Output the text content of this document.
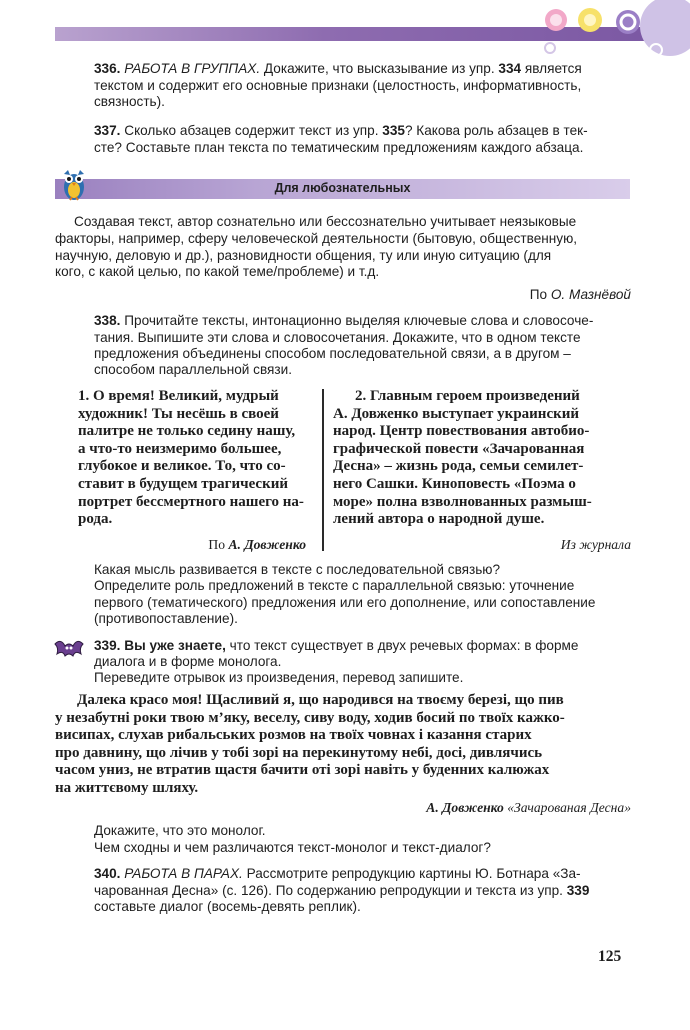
336. РАБОТА В ГРУППАХ. Докажите, что высказывание из упр. 334 является

текстом и содержит его основные признаки (целостность, информативность,

связность).

337. Сколько абзацев содержит текст из упр. 335? Какова роль абзацев в тек-

сте? Составьте план текста по тематическим предложениям каждого абзаца.

Для любознательных

Создавая текст, автор сознательно или бессознательно учитывает неязыковые

факторы, например, сферу человеческой деятельности (бытовую, общественную,

научную, деловую и др.), разновидности общения, ту или иную ситуацию (для

кого, с какой целью, по какой теме/проблеме) и т.д.

По О. Мазнёвой

338. Прочитайте тексты, интонационно выделяя ключевые слова и словосоче-

тания. Выпишите эти слова и словосочетания. Докажите, что в одном тексте

предложения объединены способом последовательной связи, а в другом –

способом параллельной связи.

1. О время! Великий, мудрый

художник! Ты несёшь в своей

палитре не только седину нашу,

а что-то неизмеримо большее,

глубокое и великое. То, что со-

ставит в будущем трагический

портрет бессмертного нашего на-

рода.

По А. Довженко

2. Главным героем произведений

А. Довженко выступает украинский

народ. Центр повествования автобио-

графической повести «Зачарованная

Десна» – жизнь рода, семьи семилет-

него Сашки. Киноповесть «Поэма о

море» полна взволнованных размыш-

лений автора о народной душе.

Из журнала

Какая мысль развивается в тексте с последовательной связью?

Определите роль предложений в тексте с параллельной связью: уточнение

первого (тематического) предложения или его дополнение, или сопоставление

(противопоставление).

339. Вы уже знаете, что текст существует в двух речевых формах: в форме

диалога и в форме монолога.

Переведите отрывок из произведения, перевод запишите.

Далека красо моя! Щасливий я, що народився на твоєму березі, що пив

у незабутні роки твою м’яку, веселу, сиву воду, ходив босий по твоїх кажко-

висипах, слухав рибальських розмов на твоїх човнах і казання старих

про давнину, що лічив у тобі зорі на перекинутому небі, досі, дивлячись

часом униз, не втратив щастя бачити оті зорі навіть у буденних калюжах

на життєвому шляху.

А. Довженко «Зачарованая Десна»

Докажите, что это монолог.

Чем сходны и чем различаются текст-монолог и текст-диалог?

340. РАБОТА В ПАРАХ. Рассмотрите репродукцию картины Ю. Ботнара «За-

чарованная Десна» (с. 126). По содержанию репродукции и текста из упр. 339

составьте диалог (восемь-девять реплик).

125
